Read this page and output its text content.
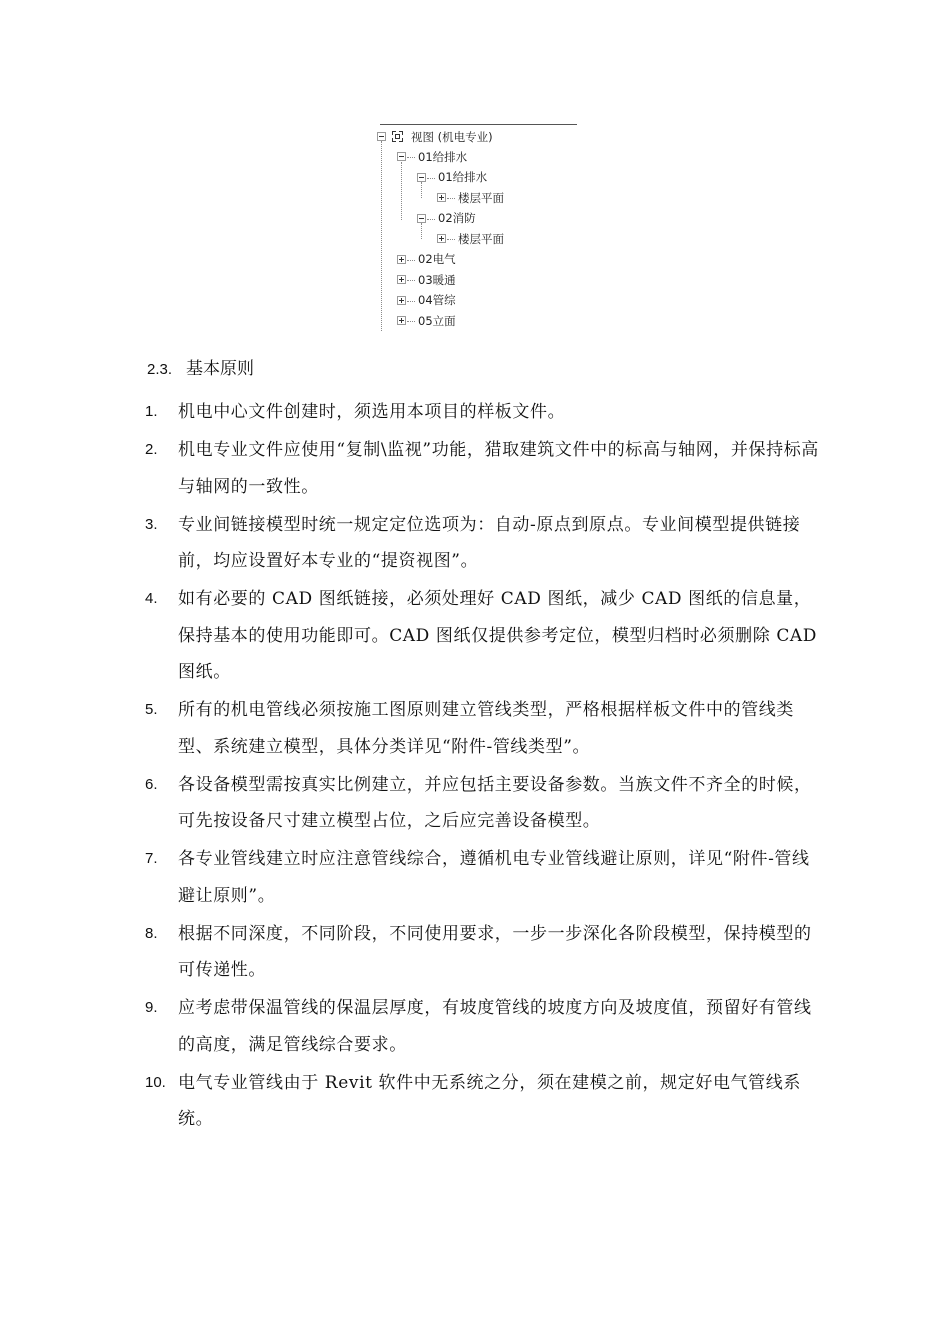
视图 (机电专业)
01给排水
01给排水
楼层平面
02消防
楼层平面
02电气
03暖通
04管综
05立面
2.3. 基本原则
1. 机电中心文件创建时，须选用本项目的样板文件。
2. 机电专业文件应使用“复制\监视”功能，猎取建筑文件中的标高与轴网，并保持标高与轴网的一致性。
3. 专业间链接模型时统一规定定位选项为：自动-原点到原点。专业间模型提供链接前，均应设置好本专业的“提资视图”。
4. 如有必要的 CAD 图纸链接，必须处理好 CAD 图纸，减少 CAD 图纸的信息量，保持基本的使用功能即可。CAD 图纸仅提供参考定位，模型归档时必须删除 CAD 图纸。
5. 所有的机电管线必须按施工图原则建立管线类型，严格根据样板文件中的管线类型、系统建立模型，具体分类详见“附件-管线类型”。
6. 各设备模型需按真实比例建立，并应包括主要设备参数。当族文件不齐全的时候，可先按设备尺寸建立模型占位，之后应完善设备模型。
7. 各专业管线建立时应注意管线综合，遵循机电专业管线避让原则，详见“附件-管线避让原则”。
8. 根据不同深度，不同阶段，不同使用要求，一步一步深化各阶段模型，保持模型的可传递性。
9. 应考虑带保温管线的保温层厚度，有坡度管线的坡度方向及坡度值，预留好有管线的高度，满足管线综合要求。
10. 电气专业管线由于 Revit 软件中无系统之分，须在建模之前，规定好电气管线系统。
